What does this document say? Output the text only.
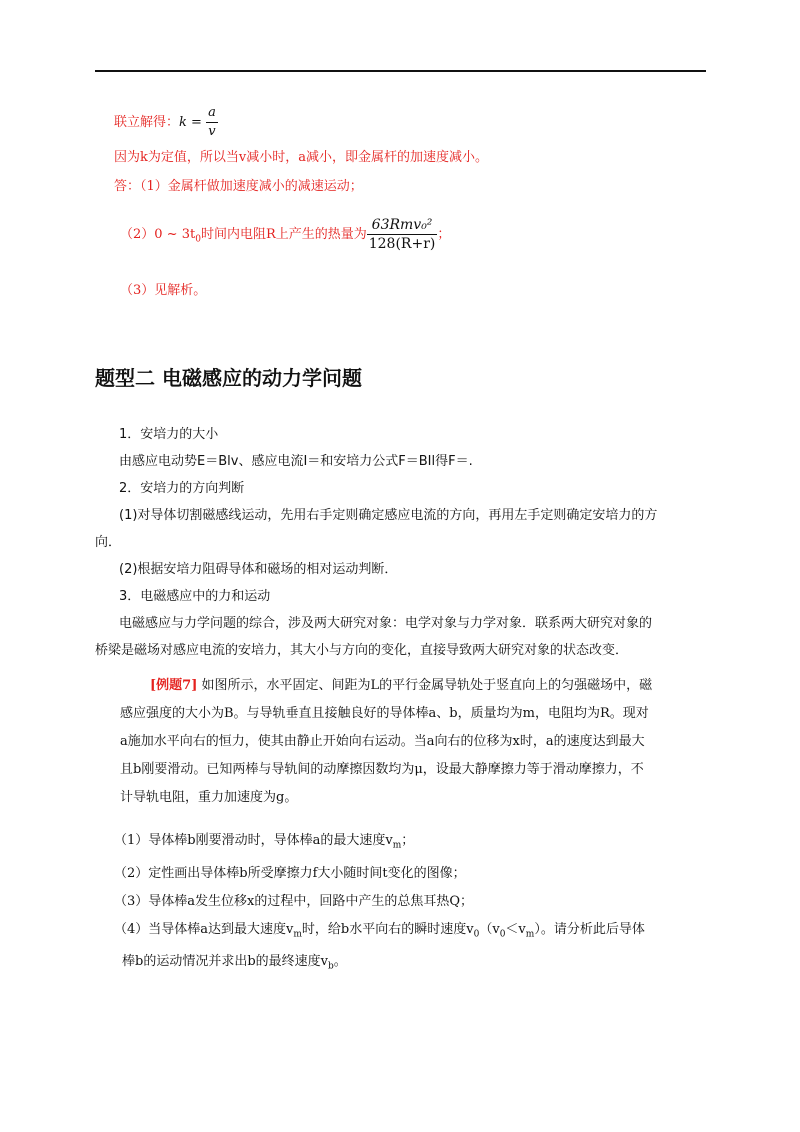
联立解得：$k = \frac{a}{v}$
因为k为定值，所以当v减小时，a减小，即金属杆的加速度减小。
答：（1）金属杆做加速度减小的减速运动；
（2）0 ~ $3t_0$时间内电阻R上产生的热量为 $\frac{\text{63Rmv₀²}}{128(R+r)}$ ；
（3）见解析。
题型二 电磁感应的动力学问题
1．安培力的大小
由感应电动势E＝Blv、感应电流I＝和安培力公式F＝BIl得F＝.
2．安培力的方向判断
(1)对导体切割磁感线运动，先用右手定则确定感应电流的方向，再用左手定则确定安培力的方
向．
(2)根据安培力阻碍导体和磁场的相对运动判断．
3．电磁感应中的力和运动
电磁感应与力学问题的综合，涉及两大研究对象：电学对象与力学对象．联系两大研究对象的
桥梁是磁场对感应电流的安培力，其大小与方向的变化，直接导致两大研究对象的状态改变．
[例题7] 如图所示，水平固定、间距为L的平行金属导轨处于竖直向上的匀强磁场中，磁
感应强度的大小为B。与导轨垂直且接触良好的导体棒a、b，质量均为m，电阻均为R。现对
a施加水平向右的恒力，使其由静止开始向右运动。当a向右的位移为x时，a的速度达到最大
且b刚要滑动。已知两棒与导轨间的动摩擦因数均为μ，设最大静摩擦力等于滑动摩擦力，不
计导轨电阻，重力加速度为g。
（1）导体棒b刚要滑动时，导体棒a的最大速度$v_m$；
（2）定性画出导体棒b所受摩擦力f大小随时间t变化的图像；
（3）导体棒a发生位移x的过程中，回路中产生的总焦耳热Q；
（4）当导体棒a达到最大速度$v_m$时，给b水平向右的瞬时速度$v_0(v_0<v_m)$。请分析此后导体
棒b的运动情况并求出b的最终速度$v_b$。
